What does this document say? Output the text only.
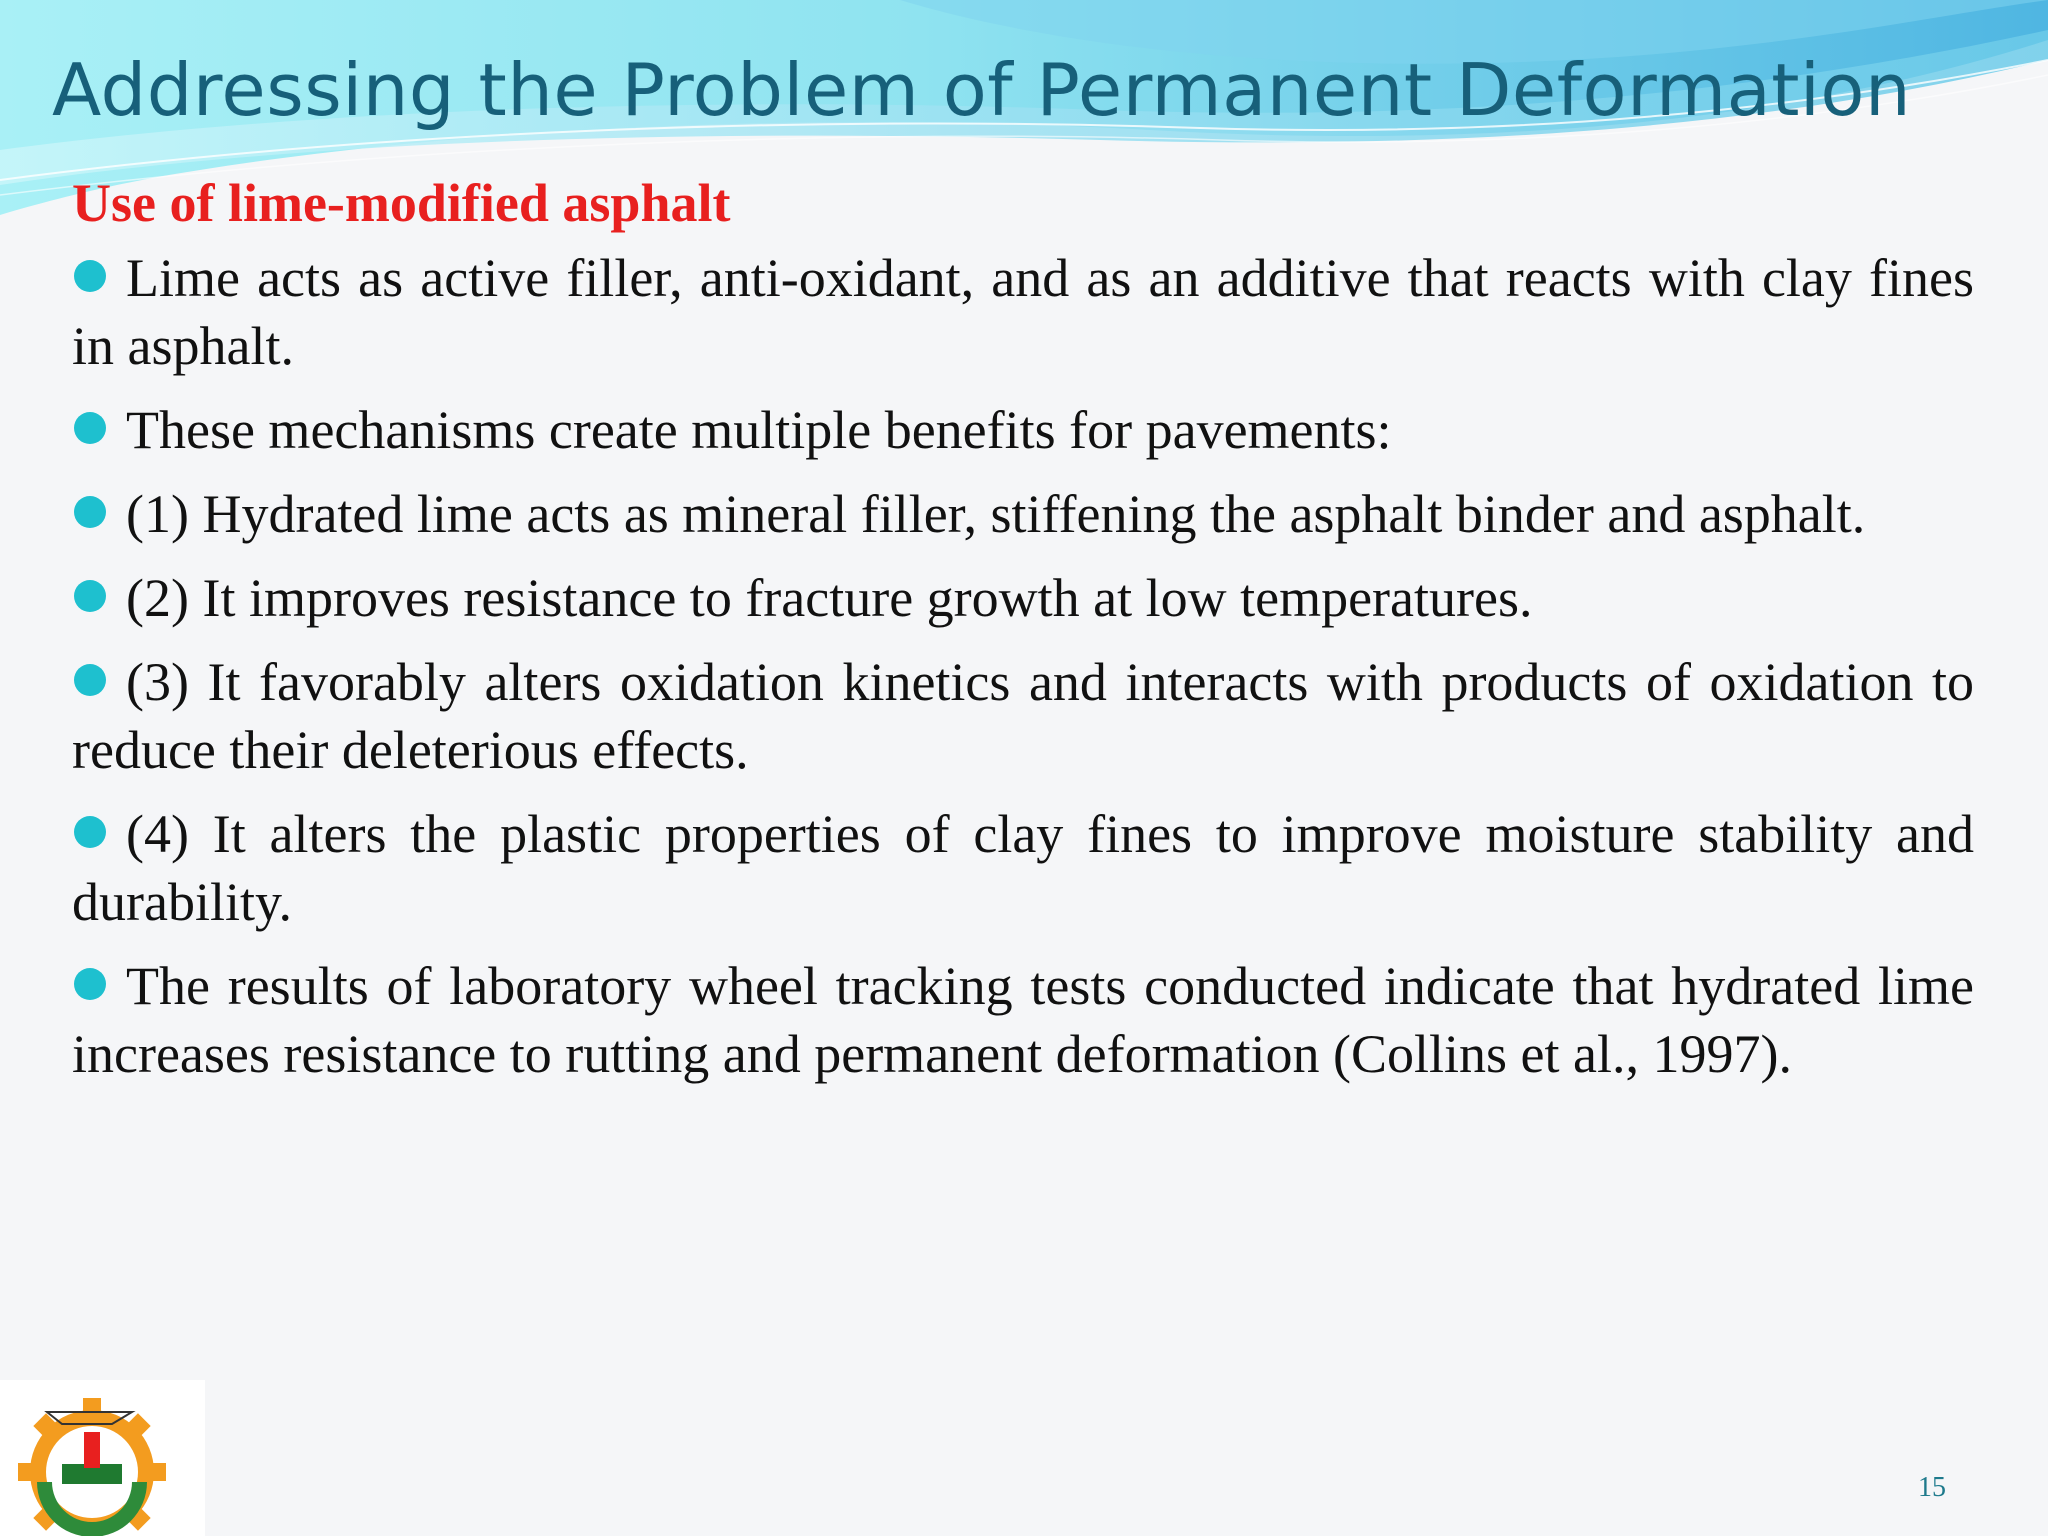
Addressing the Problem of Permanent Deformation
Use of lime-modified asphalt
Lime acts as active filler, anti-oxidant, and as an additive that reacts with clay fines in asphalt.
These mechanisms create multiple benefits for pavements:
(1) Hydrated lime acts as mineral filler, stiffening the asphalt binder and asphalt.
(2) It improves resistance to fracture growth at low temperatures.
(3) It favorably alters oxidation kinetics and interacts with products of oxidation to reduce their deleterious effects.
(4) It alters the plastic properties of clay fines to improve moisture stability and durability.
The results of laboratory wheel tracking tests conducted indicate that hydrated lime increases resistance to rutting and permanent deformation (Collins et al., 1997).
15
